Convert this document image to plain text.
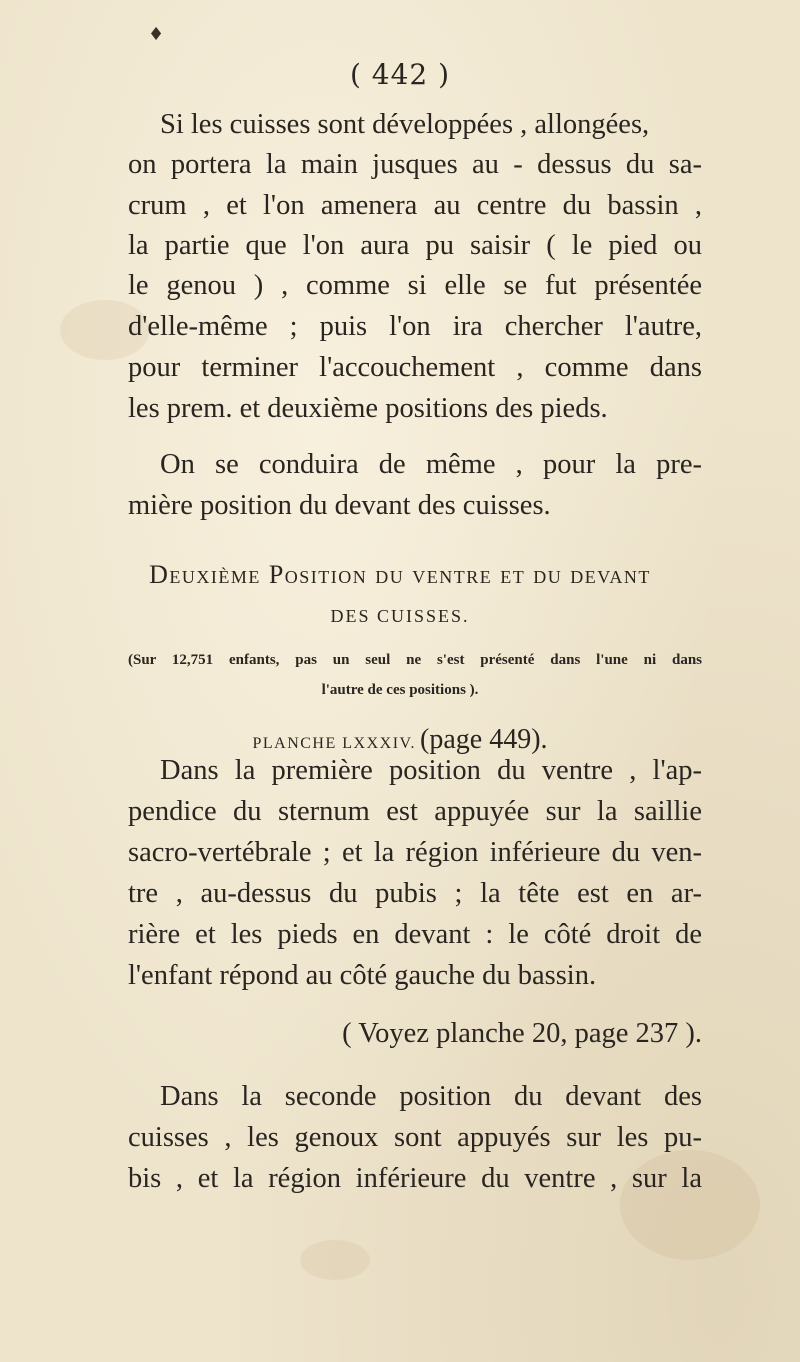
♦
( 442 )
Si les cuisses sont développées , allongées,
on portera la main jusques au - dessus du sa-
crum , et l'on amenera au centre du bassin ,
la partie que l'on aura pu saisir ( le pied ou
le genou ) , comme si elle se fut présentée
d'elle-même ; puis l'on ira chercher l'autre,
pour terminer l'accouchement , comme dans
les prem. et deuxième positions des pieds.
On se conduira de même , pour la pre-
mière position du devant des cuisses.
Deuxième Position du ventre et du devant
DES CUISSES.
(Sur 12,751 enfants, pas un seul ne s'est présenté dans l'une ni dans
l'autre de ces positions ).
PLANCHE LXXXIV. (page 449).
Dans la première position du ventre , l'ap-
pendice du sternum est appuyée sur la saillie
sacro-vertébrale ; et la région inférieure du ven-
tre , au-dessus du pubis ; la tête est en ar-
rière et les pieds en devant : le côté droit de
l'enfant répond au côté gauche du bassin.
( Voyez planche 20, page 237 ).
Dans la seconde position du devant des
cuisses , les genoux sont appuyés sur les pu-
bis , et la région inférieure du ventre , sur la
